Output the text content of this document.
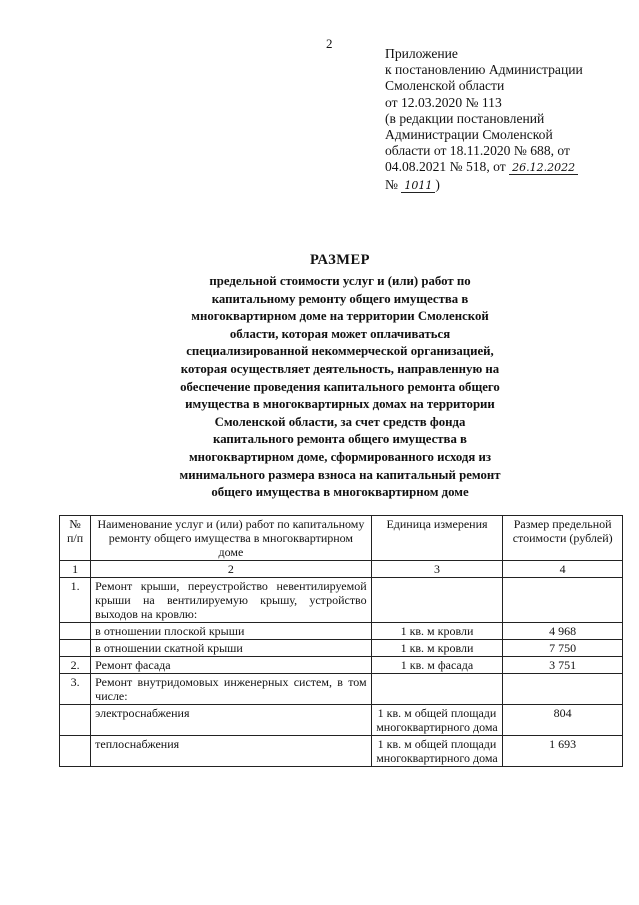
2
Приложение
к постановлению Администрации
Смоленской области
от 12.03.2020 № 113
(в редакции постановлений
Администрации Смоленской
области от 18.11.2020 № 688, от
04.08.2021 № 518, от 26.12.2022
№ 1011 )
РАЗМЕР
предельной стоимости услуг и (или) работ по
капитальному ремонту общего имущества в
многоквартирном доме на территории Смоленской
области, которая может оплачиваться
специализированной некоммерческой организацией,
которая осуществляет деятельность, направленную на
обеспечение проведения капитального ремонта общего
имущества в многоквартирных домах на территории
Смоленской области, за счет средств фонда
капитального ремонта общего имущества в
многоквартирном доме, сформированного исходя из
минимального размера взноса на капитальный ремонт
общего имущества в многоквартирном доме
№ п/п	Наименование услуг и (или) работ по капитальному ремонту общего имущества в многоквартирном доме	Единица измерения	Размер предельной стоимости (рублей)
1	2	3	4
1.	Ремонт крыши, переустройство невентилируемой крыши на вентилируемую крышу, устройство выходов на кровлю:		
	в отношении плоской крыши	1 кв. м кровли	4 968
	в отношении скатной крыши	1 кв. м кровли	7 750
2.	Ремонт фасада	1 кв. м фасада	3 751
3.	Ремонт внутридомовых инженерных систем, в том числе:		
	электроснабжения	1 кв. м общей площади многоквартирного дома	804
	теплоснабжения	1 кв. м общей площади многоквартирного дома	1 693
